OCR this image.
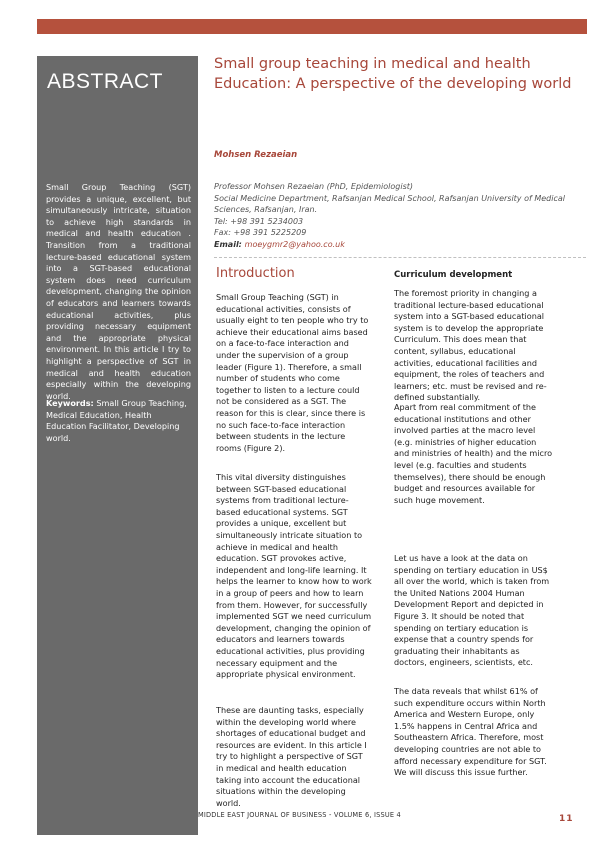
ABSTRACT

Small Group Teaching (SGT) provides a unique, excellent, but simultaneously intricate, situation to achieve high standards in medical and health education . Transition from a traditional lecture-based educational system into a SGT-based educational system does need curriculum development, changing the opinion of educators and learners towards educational activities, plus providing necessary equipment and the appropriate physical environment. In this article I try to highlight a perspective of SGT in medical and health education especially within the developing world.

Keywords: Small Group Teaching, Medical Education, Health Education Facilitator, Developing world.

Small group teaching in medical and health Education: A perspective of the developing world

Mohsen Rezaeian

Professor Mohsen Rezaeian (PhD, Epidemiologist)

Social Medicine Department, Rafsanjan Medical School, Rafsanjan University of Medical Sciences, Rafsanjan, Iran.

Tel: +98 391 5234003

Fax: +98 391 5225209

Email: moeygmr2@yahoo.co.uk

Introduction

Small Group Teaching (SGT) in educational activities, consists of usually eight to ten people who try to achieve their educational aims based on a face-to-face interaction and under the supervision of a group leader (Figure 1). Therefore, a small number of students who come together to listen to a lecture could not be considered as a SGT. The reason for this is clear, since there is no such face-to-face interaction between students in the lecture rooms (Figure 2).

This vital diversity distinguishes between SGT-based educational systems from traditional lecture-based educational systems. SGT provides a unique, excellent but simultaneously intricate situation to achieve in medical and health education. SGT provokes active, independent and long-life learning. It helps the learner to know how to work in a group of peers and how to learn from them. However, for successfully implemented SGT we need curriculum development, changing the opinion of educators and learners towards educational activities, plus providing necessary equipment and the appropriate physical environment.

These are daunting tasks, especially within the developing world where shortages of educational budget and resources are evident. In this article I try to highlight a perspective of SGT in medical and health education taking into account the educational situations within the developing world.

Curriculum development

The foremost priority in changing a traditional lecture-based educational system into a SGT-based educational system is to develop the appropriate Curriculum. This does mean that content, syllabus, educational activities, educational facilities and equipment, the roles of teachers and learners; etc. must be revised and re-defined substantially.

Apart from real commitment of the educational institutions and other involved parties at the macro level (e.g. ministries of higher education and ministries of health) and the micro level (e.g. faculties and students themselves), there should be enough budget and resources available for such huge movement.

Let us have a look at the data on spending on tertiary education in US$ all over the world, which is taken from the United Nations 2004 Human Development Report and depicted in Figure 3. It should be noted that spending on tertiary education is expense that a country spends for graduating their inhabitants as doctors, engineers, scientists, etc.

The data reveals that whilst 61% of such expenditure occurs within North America and Western Europe, only 1.5% happens in Central Africa and Southeastern Africa. Therefore, most developing countries are not able to afford necessary expenditure for SGT. We will discuss this issue further.

MIDDLE EAST JOURNAL OF BUSINESS - VOLUME 6, ISSUE 4	11
